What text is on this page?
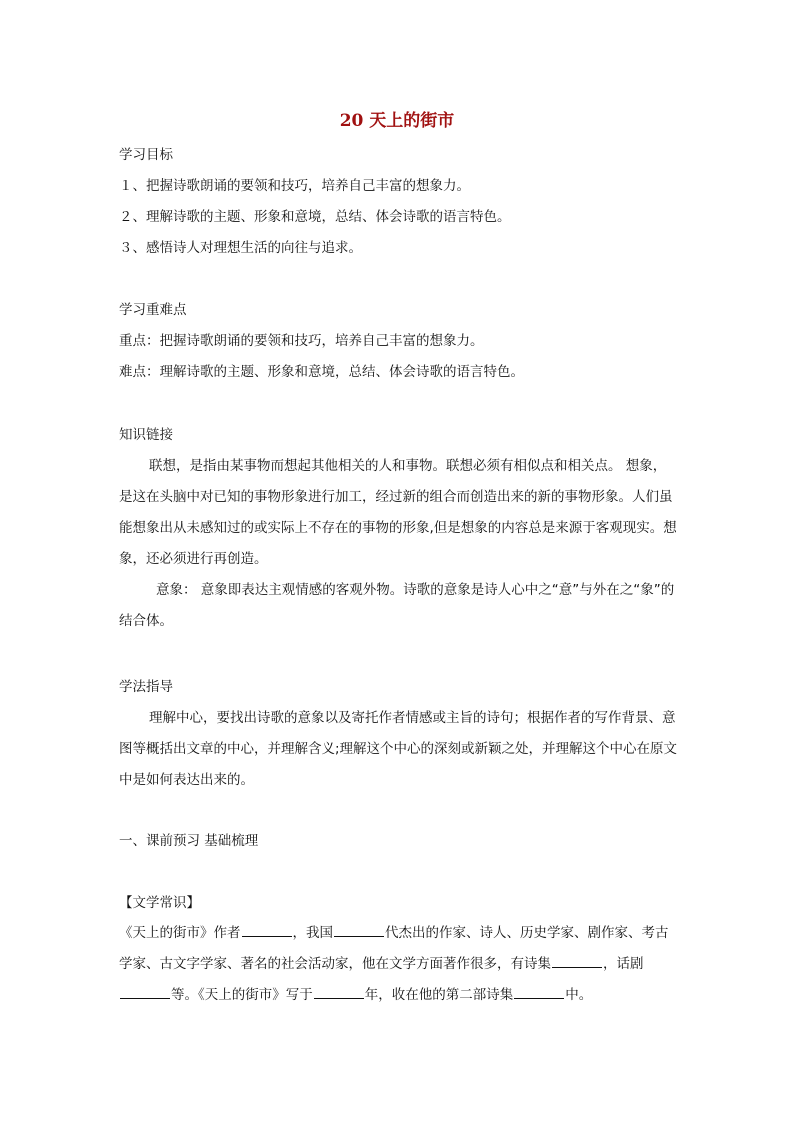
20 天上的街市
学习目标
１、把握诗歌朗诵的要领和技巧，培养自己丰富的想象力。
２、理解诗歌的主题、形象和意境，总结、体会诗歌的语言特色。
３、感悟诗人对理想生活的向往与追求。
学习重难点
重点：把握诗歌朗诵的要领和技巧，培养自己丰富的想象力。
难点：理解诗歌的主题、形象和意境，总结、体会诗歌的语言特色。
知识链接
联想，是指由某事物而想起其他相关的人和事物。联想必须有相似点和相关点。 想象，是这在头脑中对已知的事物形象进行加工，经过新的组合而创造出来的新的事物形象。人们虽能想象出从未感知过的或实际上不存在的事物的形象,但是想象的内容总是来源于客观现实。想象，还必须进行再创造。
意象： 意象即表达主观情感的客观外物。诗歌的意象是诗人心中之“意”与外在之“象”的结合体。
学法指导
理解中心，要找出诗歌的意象以及寄托作者情感或主旨的诗句；根据作者的写作背景、意图等概括出文章的中心，并理解含义;理解这个中心的深刻或新颖之处，并理解这个中心在原文中是如何表达出来的。
一、课前预习 基础梳理
【文学常识】
《天上的街市》作者	，我国	代杰出的作家、诗人、历史学家、剧作家、考古学家、古文字学家、著名的社会活动家，他在文学方面著作很多，有诗集	，话剧等。《天上的街市》写于	年，收在他的第二部诗集	中。
